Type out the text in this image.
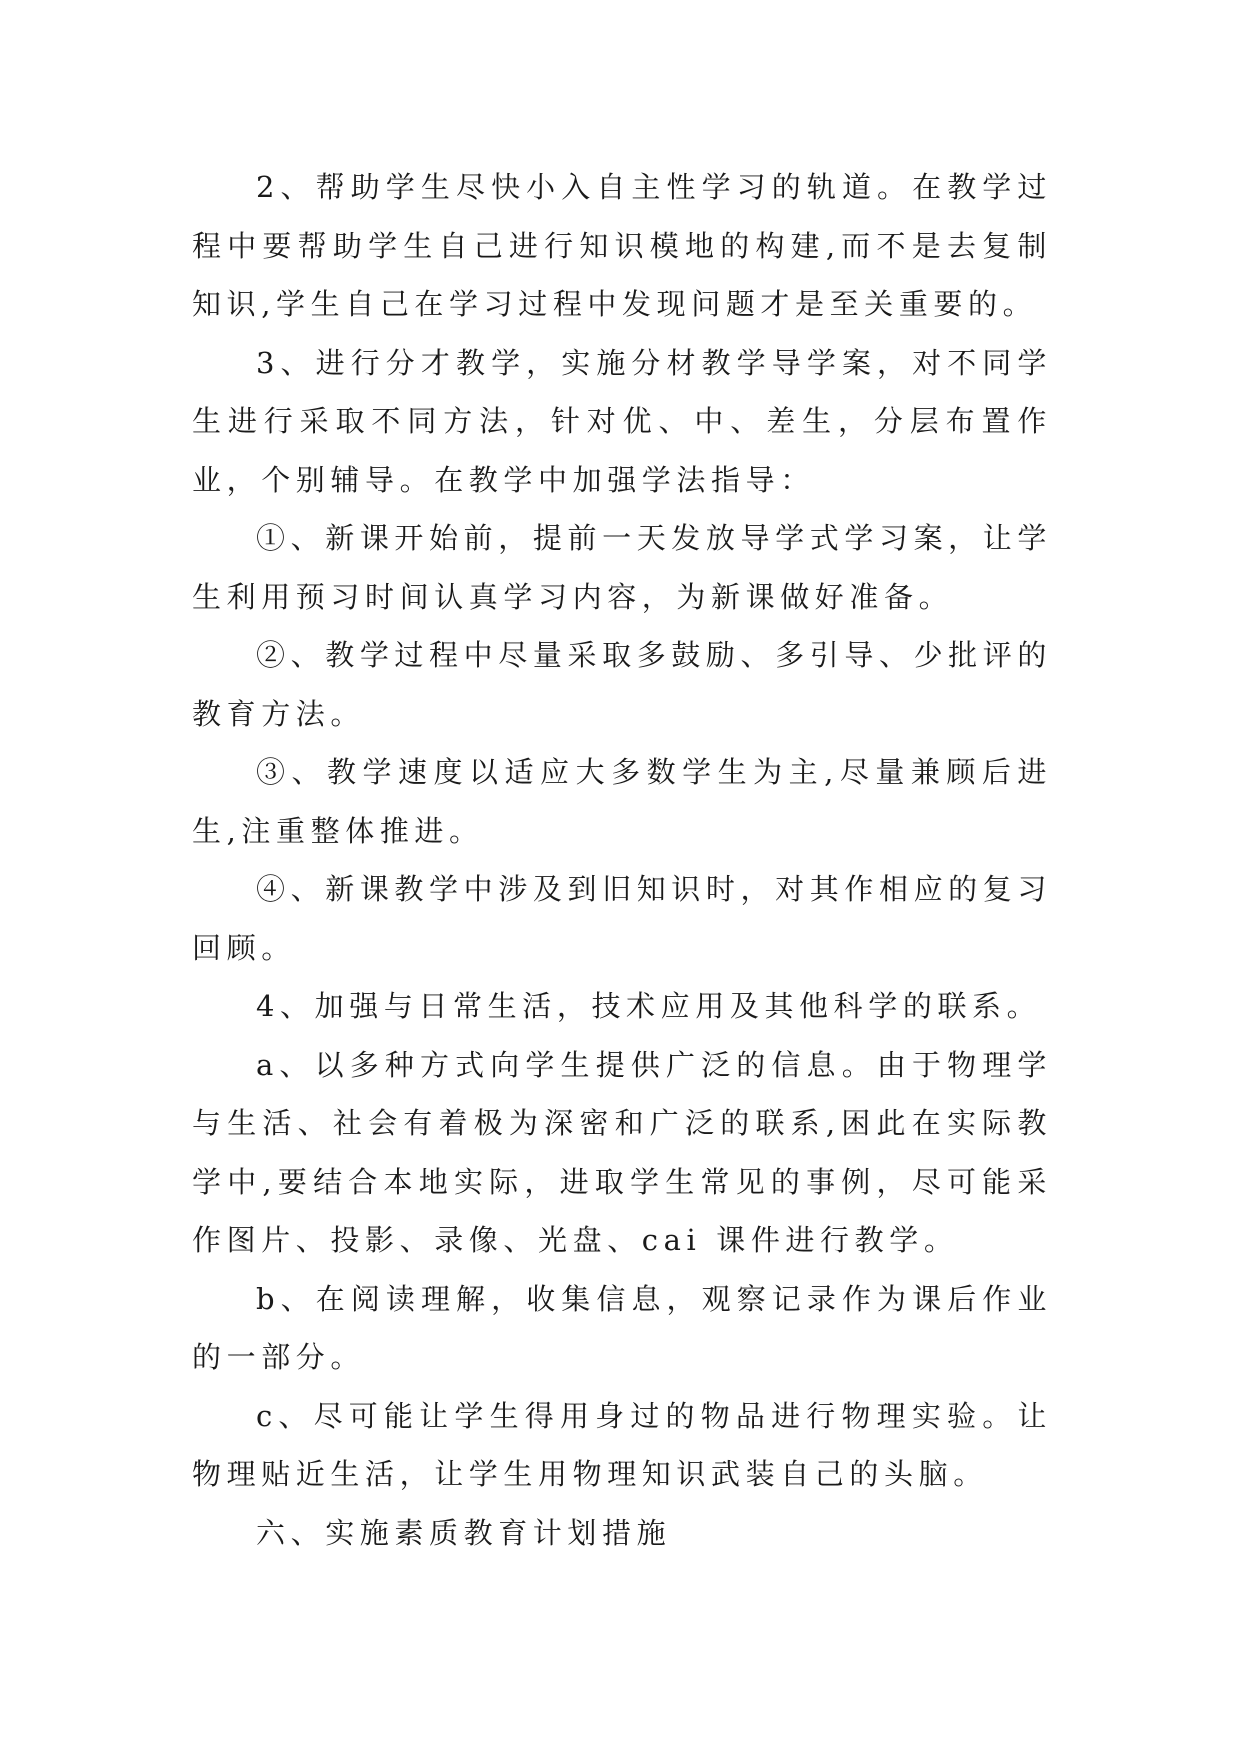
2、帮助学生尽快小入自主性学习的轨道。在教学过程中要帮助学生自己进行知识模地的构建,而不是去复制知识,学生自己在学习过程中发现问题才是至关重要的。

3、进行分才教学，实施分材教学导学案，对不同学生进行采取不同方法，针对优、中、差生，分层布置作业，个别辅导。在教学中加强学法指导：

①、新课开始前，提前一天发放导学式学习案，让学生利用预习时间认真学习内容，为新课做好准备。

②、教学过程中尽量采取多鼓励、多引导、少批评的教育方法。

③、教学速度以适应大多数学生为主,尽量兼顾后进生,注重整体推进。

④、新课教学中涉及到旧知识时，对其作相应的复习回顾。

4、加强与日常生活，技术应用及其他科学的联系。

a、以多种方式向学生提供广泛的信息。由于物理学与生活、社会有着极为深密和广泛的联系,困此在实际教学中,要结合本地实际，进取学生常见的事例，尽可能采作图片、投影、录像、光盘、cai 课件进行教学。

b、在阅读理解，收集信息，观察记录作为课后作业的一部分。

c、尽可能让学生得用身过的物品进行物理实验。让物理贴近生活，让学生用物理知识武装自己的头脑。

六、实施素质教育计划措施
